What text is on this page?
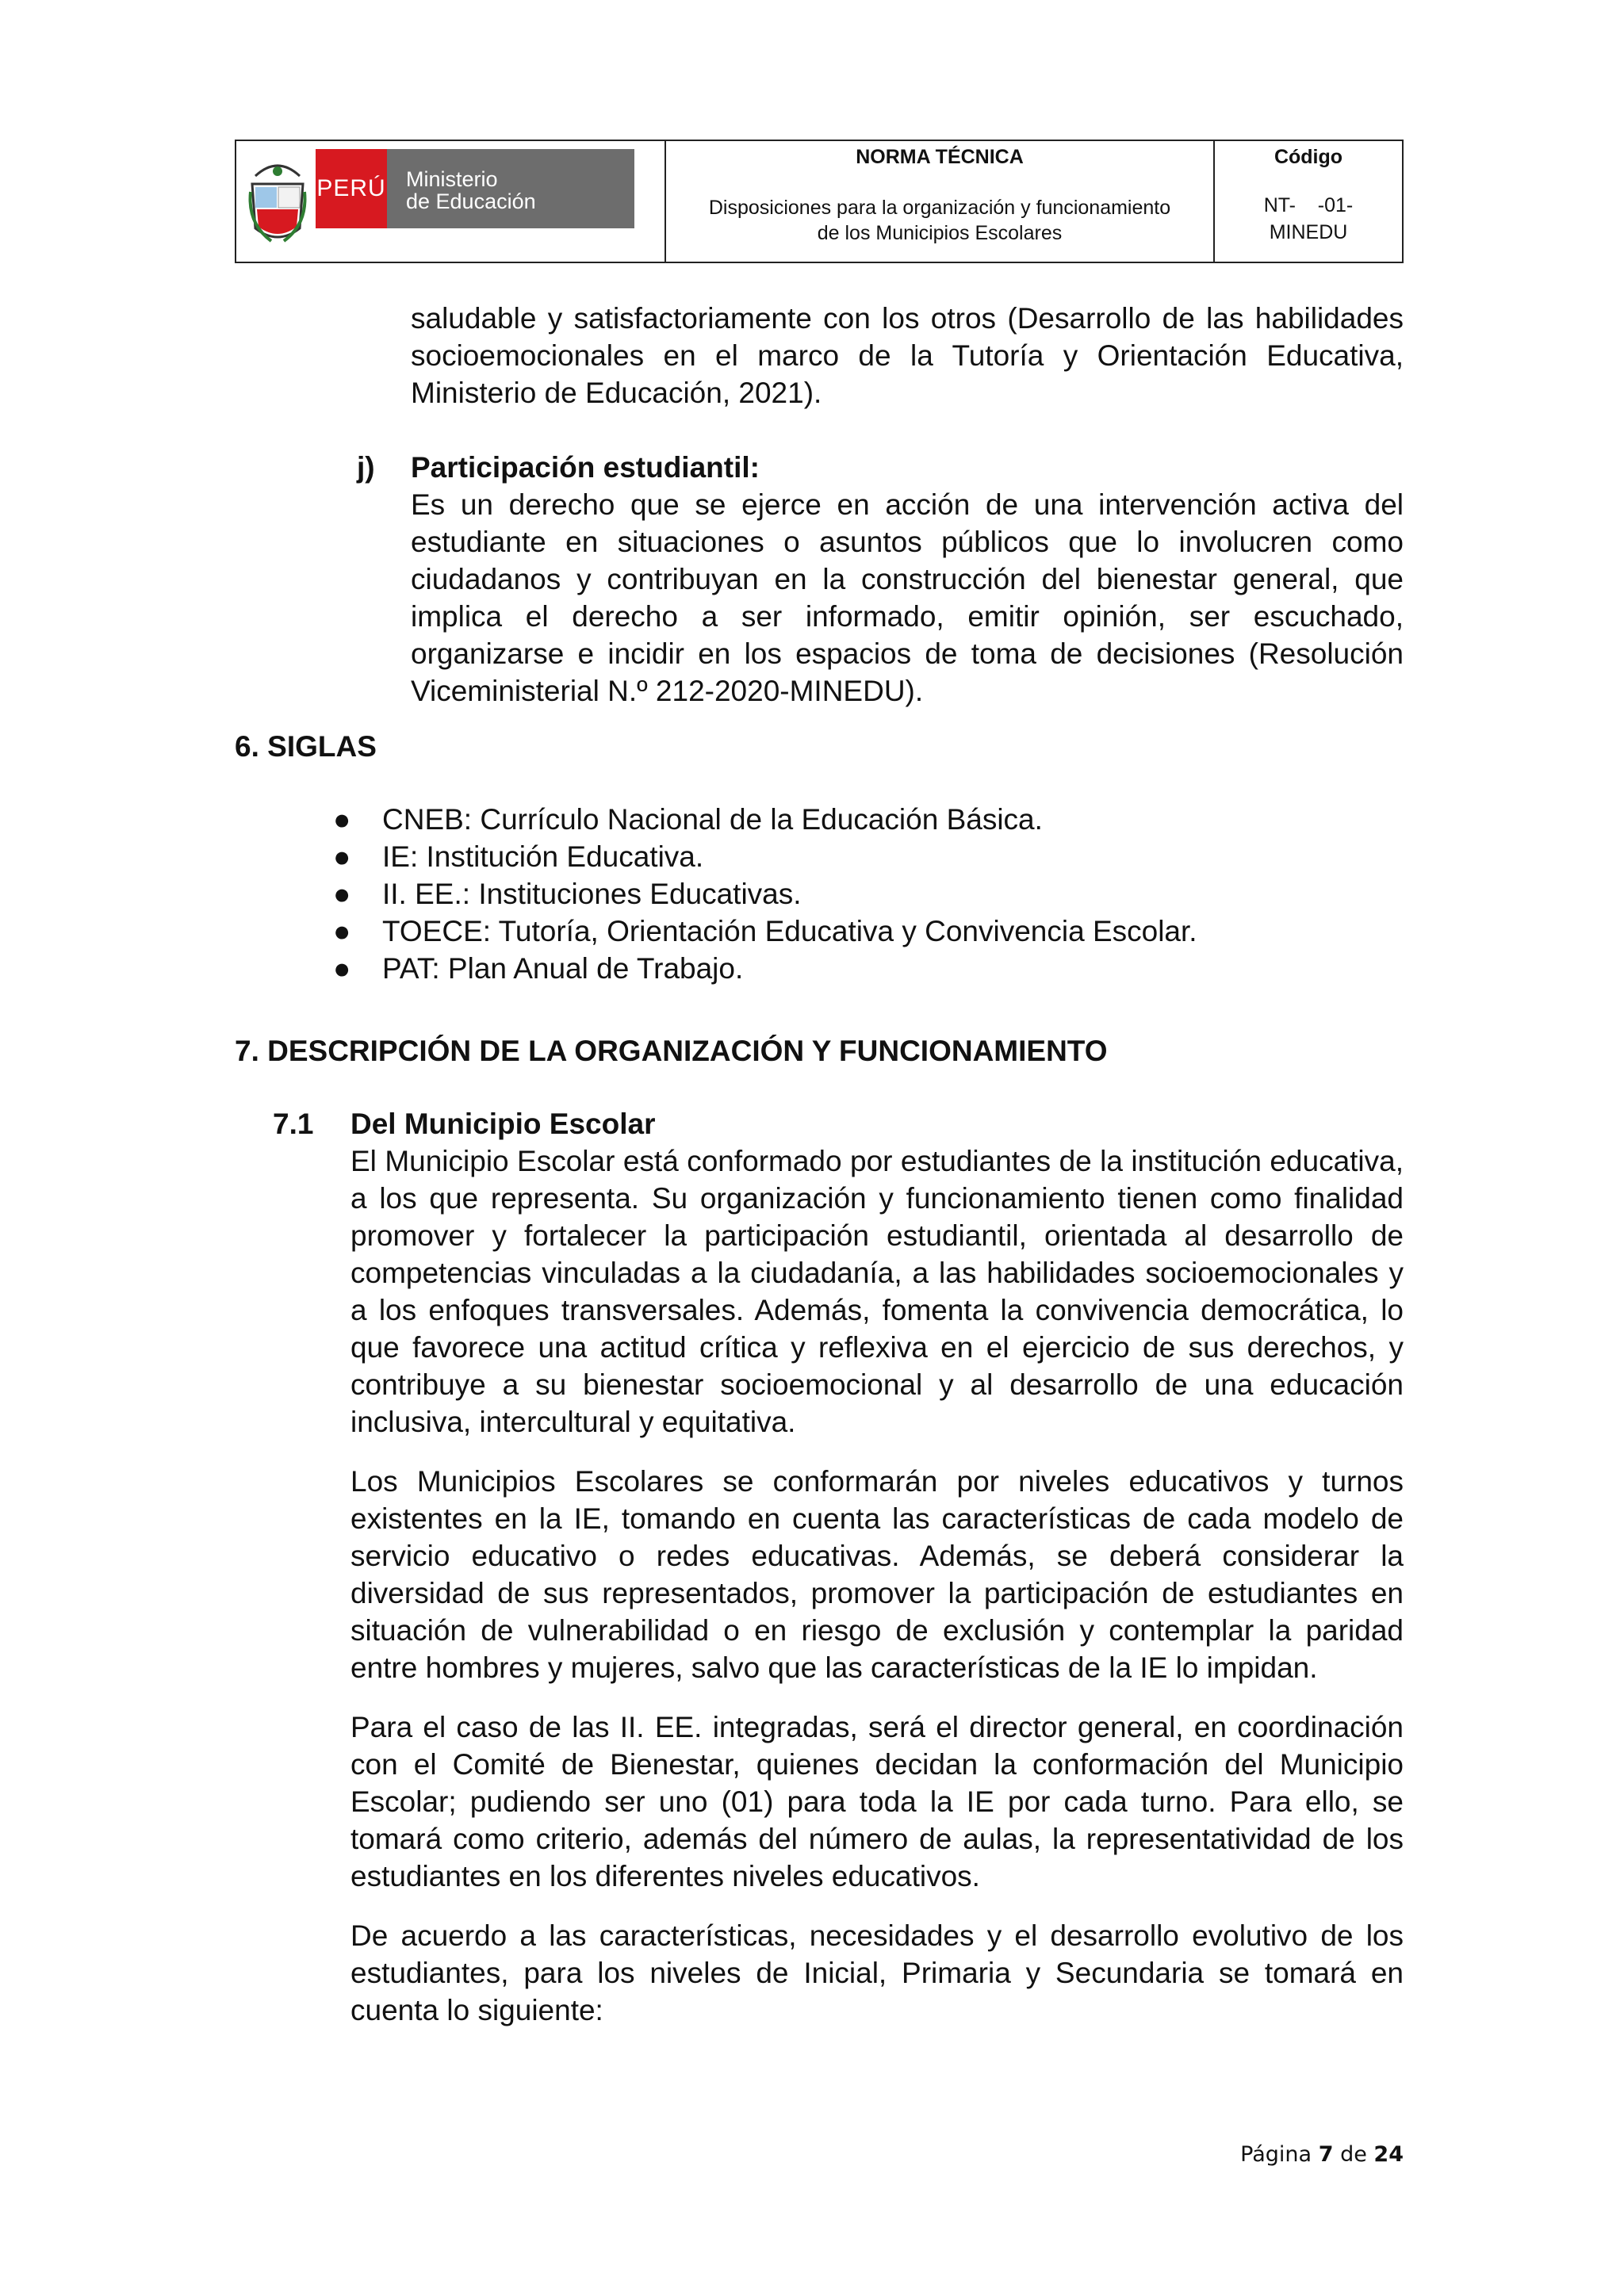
PERÚ Ministerio
de Educación
NORMA TÉCNICA
Disposiciones para la organización y funcionamiento
de los Municipios Escolares
Código
NT-    -01-
MINEDU

saludable y satisfactoriamente con los otros (Desarrollo de las habilidades socioemocionales en el marco de la Tutoría y Orientación Educativa, Ministerio de Educación, 2021).

j) Participación estudiantil:

Es un derecho que se ejerce en acción de una intervención activa del estudiante en situaciones o asuntos públicos que lo involucren como ciudadanos y contribuyan en la construcción del bienestar general, que implica el derecho a ser informado, emitir opinión, ser escuchado, organizarse e incidir en los espacios de toma de decisiones (Resolución Viceministerial N.º 212-2020-MINEDU).

6. SIGLAS
● CNEB: Currículo Nacional de la Educación Básica.
● IE: Institución Educativa.
● II. EE.: Instituciones Educativas.
● TOECE: Tutoría, Orientación Educativa y Convivencia Escolar.
● PAT: Plan Anual de Trabajo.
7. DESCRIPCIÓN DE LA ORGANIZACIÓN Y FUNCIONAMIENTO
7.1 Del Municipio Escolar

El Municipio Escolar está conformado por estudiantes de la institución educativa, a los que representa. Su organización y funcionamiento tienen como finalidad promover y fortalecer la participación estudiantil, orientada al desarrollo de competencias vinculadas a la ciudadanía, a las habilidades socioemocionales y a los enfoques transversales. Además, fomenta la convivencia democrática, lo que favorece una actitud crítica y reflexiva en el ejercicio de sus derechos, y contribuye a su bienestar socioemocional y al desarrollo de una educación inclusiva, intercultural y equitativa.

Los Municipios Escolares se conformarán por niveles educativos y turnos existentes en la IE, tomando en cuenta las características de cada modelo de servicio educativo o redes educativas. Además, se deberá considerar la diversidad de sus representados, promover la participación de estudiantes en situación de vulnerabilidad o en riesgo de exclusión y contemplar la paridad entre hombres y mujeres, salvo que las características de la IE lo impidan.

Para el caso de las II. EE. integradas, será el director general, en coordinación con el Comité de Bienestar, quienes decidan la conformación del Municipio Escolar; pudiendo ser uno (01) para toda la IE por cada turno. Para ello, se tomará como criterio, además del número de aulas, la representatividad de los estudiantes en los diferentes niveles educativos.

De acuerdo a las características, necesidades y el desarrollo evolutivo de los estudiantes, para los niveles de Inicial, Primaria y Secundaria se tomará en cuenta lo siguiente:

Página 7 de 24
